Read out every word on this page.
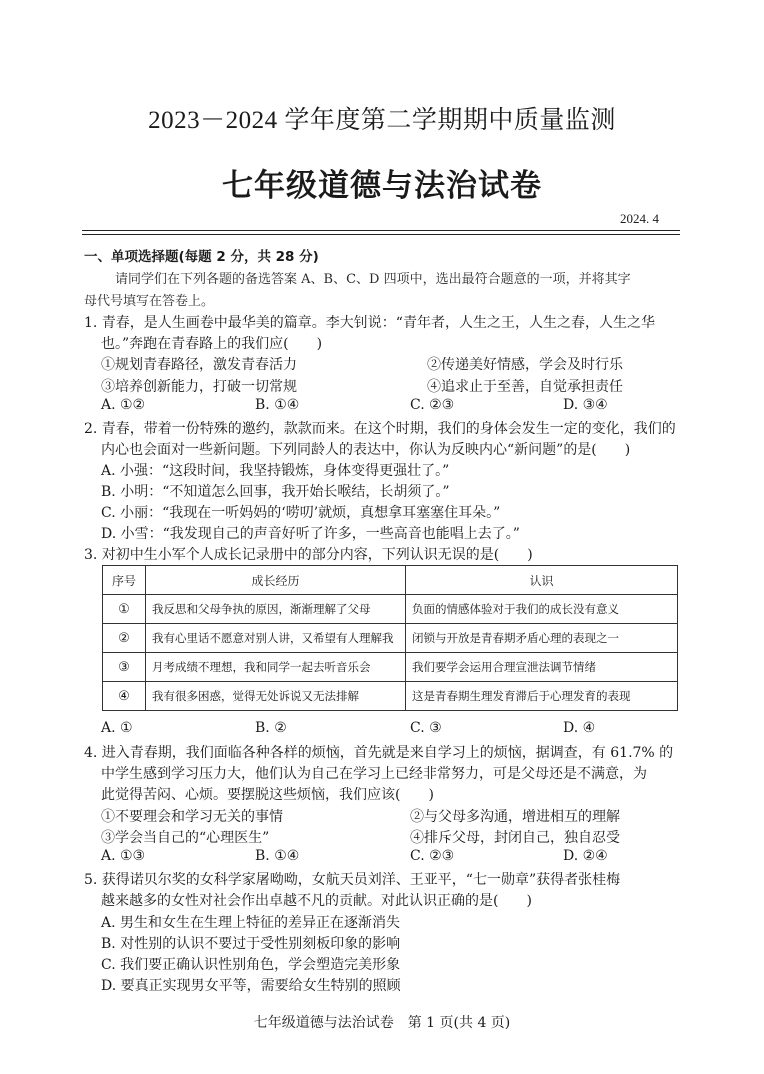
2023－2024 学年度第二学期期中质量监测
七年级道德与法治试卷
2024. 4
一、单项选择题(每题 2 分，共 28 分)
请同学们在下列各题的备选答案 A、B、C、D 四项中，选出最符合题意的一项，并将其字
母代号填写在答卷上。
1. 青春，是人生画卷中最华美的篇章。李大钊说：“青年者，人生之王，人生之春，人生之华
也。”奔跑在青春路上的我们应(　　)
①规划青春路径，激发青春活力	②传递美好情感，学会及时行乐
③培养创新能力，打破一切常规	④追求止于至善，自觉承担责任
A. ①②	B. ①④	C. ②③	D. ③④
2. 青春，带着一份特殊的邀约，款款而来。在这个时期，我们的身体会发生一定的变化，我们的
内心也会面对一些新问题。下列同龄人的表达中，你认为反映内心“新问题”的是(　　)
A. 小强：“这段时间，我坚持锻炼，身体变得更强壮了。”
B. 小明：“不知道怎么回事，我开始长喉结，长胡须了。”
C. 小丽：“我现在一听妈妈的‘唠叨’就烦，真想拿耳塞塞住耳朵。”
D. 小雪：“我发现自己的声音好听了许多，一些高音也能唱上去了。”
3. 对初中生小军个人成长记录册中的部分内容，下列认识无误的是(　　)
序号	成长经历	认识
①	我反思和父母争执的原因，渐渐理解了父母	负面的情感体验对于我们的成长没有意义
②	我有心里话不愿意对别人讲，又希望有人理解我	闭锁与开放是青春期矛盾心理的表现之一
③	月考成绩不理想，我和同学一起去听音乐会	我们要学会运用合理宣泄法调节情绪
④	我有很多困惑，觉得无处诉说又无法排解	这是青春期生理发育滞后于心理发育的表现
A. ①	B. ②	C. ③	D. ④
4. 进入青春期，我们面临各种各样的烦恼，首先就是来自学习上的烦恼，据调查，有 61.7% 的
中学生感到学习压力大，他们认为自己在学习上已经非常努力，可是父母还是不满意，为
此觉得苦闷、心烦。要摆脱这些烦恼，我们应该(　　)
①不要理会和学习无关的事情	②与父母多沟通，增进相互的理解
③学会当自己的“心理医生”	④排斥父母，封闭自己，独自忍受
A. ①③	B. ①④	C. ②③	D. ②④
5. 获得诺贝尔奖的女科学家屠呦呦，女航天员刘洋、王亚平，“七一勋章”获得者张桂梅
越来越多的女性对社会作出卓越不凡的贡献。对此认识正确的是(　　)
A. 男生和女生在生理上特征的差异正在逐渐消失
B. 对性别的认识不要过于受性别刻板印象的影响
C. 我们要正确认识性别角色，学会塑造完美形象
D. 要真正实现男女平等，需要给女生特别的照顾
七年级道德与法治试卷　第 1 页(共 4 页)
